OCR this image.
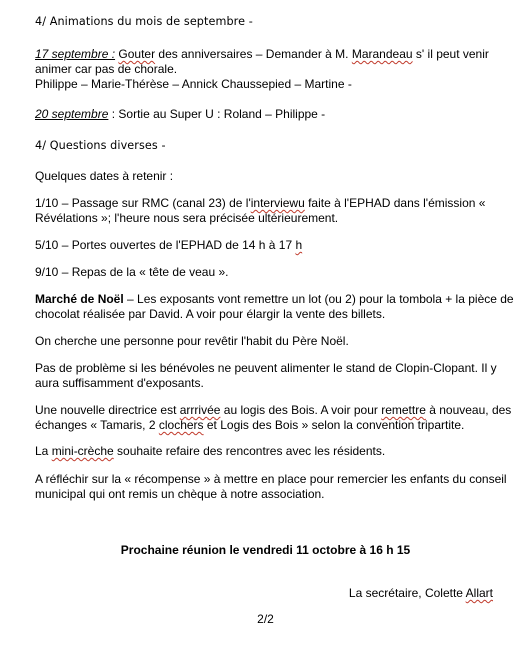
4/ Animations du mois de septembre -

17 septembre : Gouter des anniversaires – Demander à M. Marandeau s' il peut venir animer car pas de chorale.
Philippe – Marie-Thérèse – Annick Chaussepied – Martine -

20 septembre : Sortie au Super U : Roland – Philippe -

4/ Questions diverses -

Quelques dates à retenir :

1/10 – Passage sur RMC (canal 23) de l'interviewu faite à l'EPHAD dans l'émission « Révélations »; l'heure nous sera précisée ultérieurement.

5/10 – Portes ouvertes de l'EPHAD de 14 h à 17 h

9/10 – Repas de la « tête de veau ».

Marché de Noël – Les exposants vont remettre un lot (ou 2) pour la tombola + la pièce de chocolat réalisée par David. A voir pour élargir la vente des billets.

On cherche une personne pour revêtir l'habit du Père Noël.

Pas de problème si les bénévoles ne peuvent alimenter le stand de Clopin-Clopant. Il y aura suffisamment d'exposants.

Une nouvelle directrice est arrrivée au logis des Bois. A voir pour remettre à nouveau, des échanges « Tamaris, 2 clochers et Logis des Bois » selon la convention tripartite.

La mini-crèche souhaite refaire des rencontres avec les résidents.

A réfléchir sur la « récompense » à mettre en place pour remercier les enfants du conseil municipal qui ont remis un chèque à notre association.

Prochaine réunion le vendredi 11 octobre à 16 h 15

La secrétaire, Colette Allart

2/2
